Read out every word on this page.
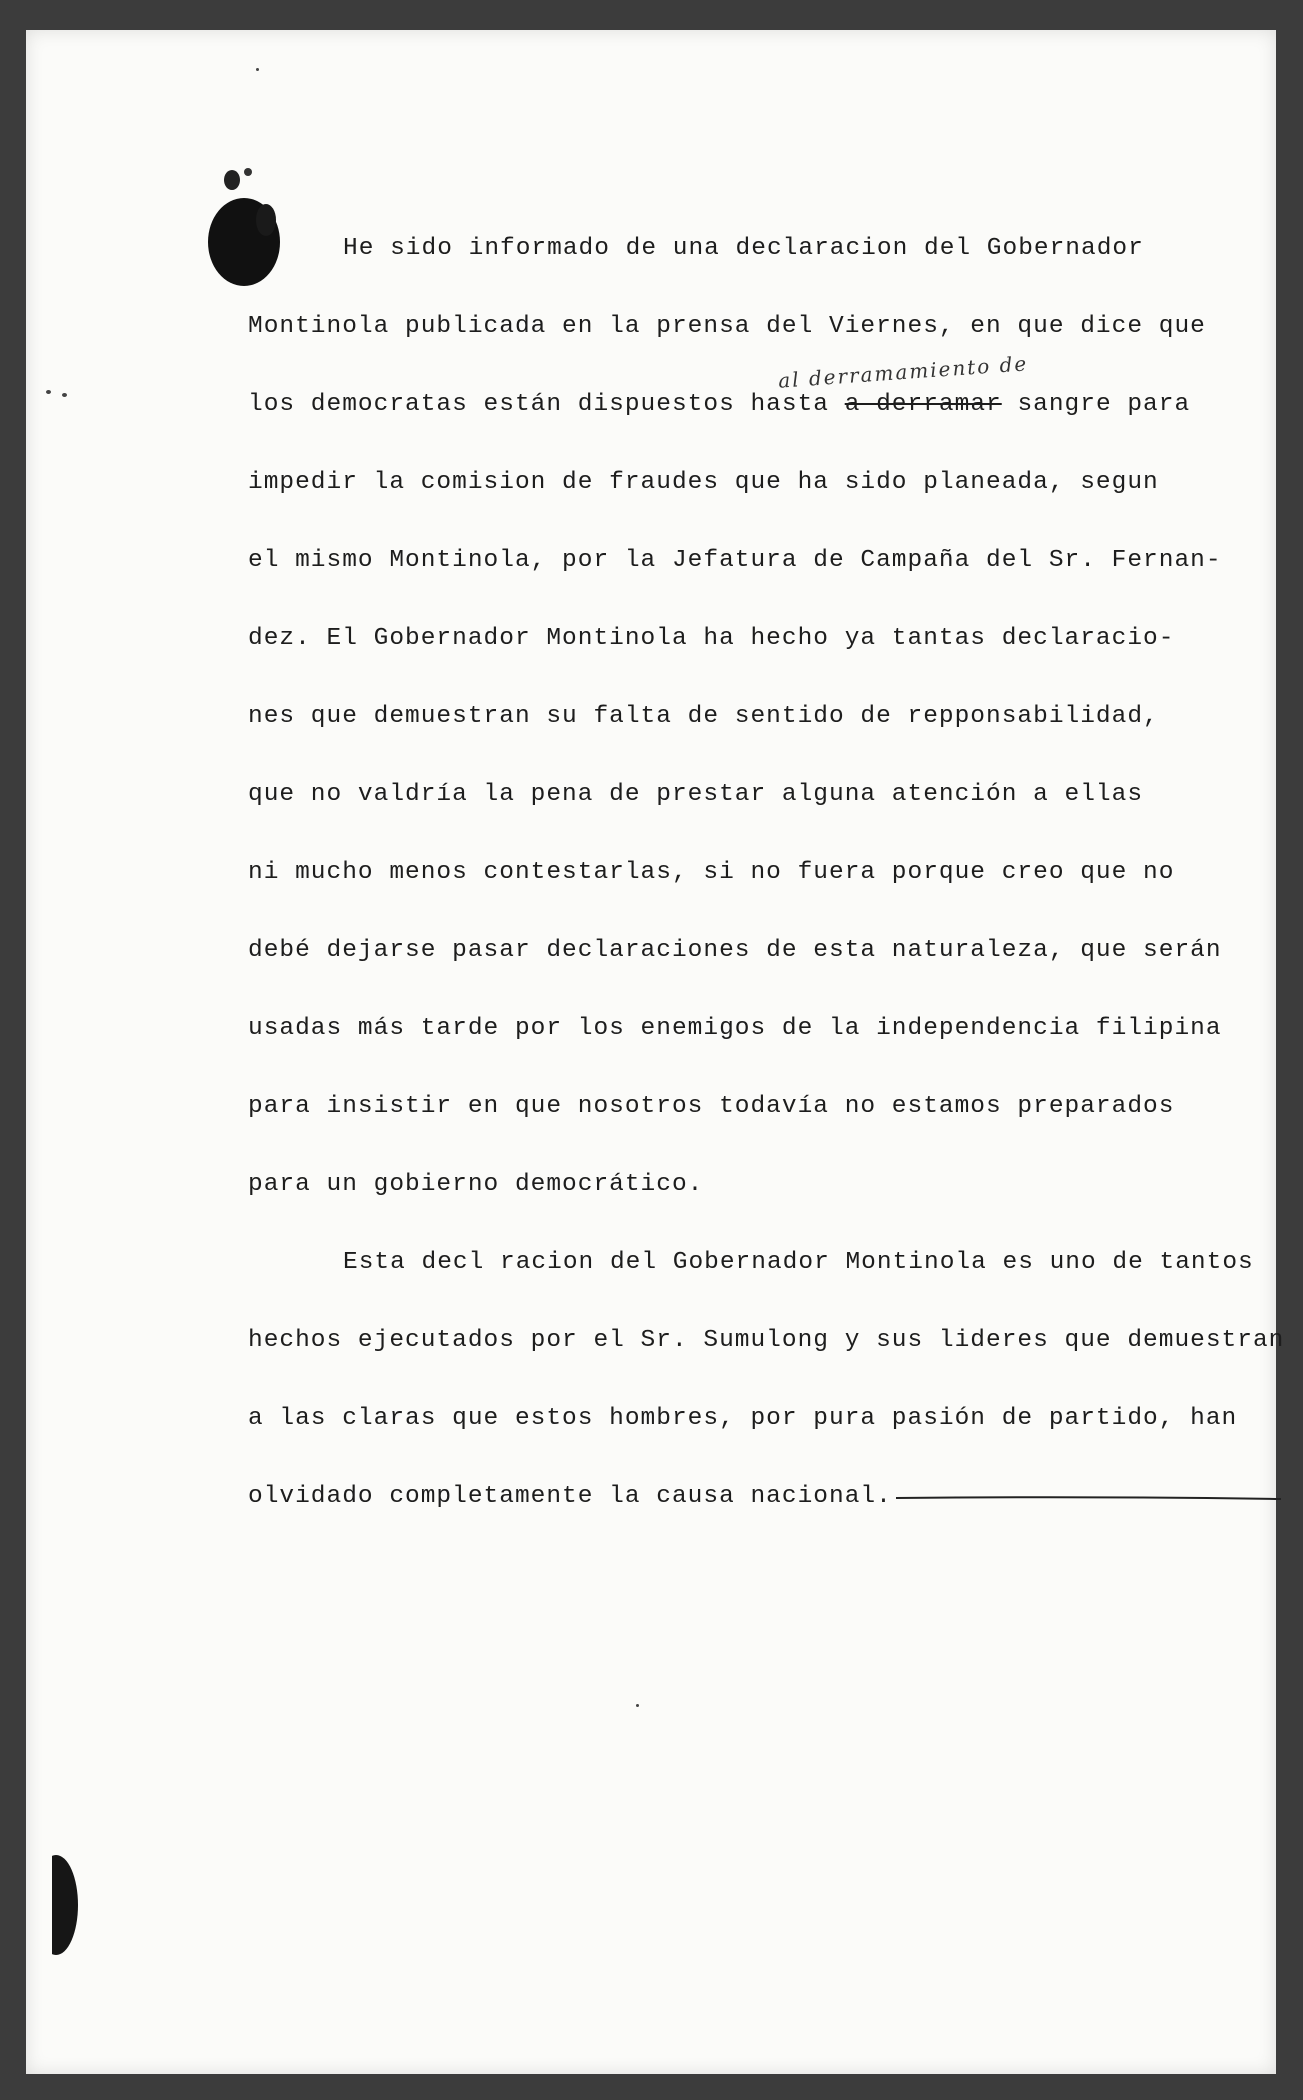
al derramamiento de
He sido informado de una declaracion del Gobernador
Montinola publicada en la prensa del Viernes, en que dice que
los democratas están dispuestos hasta a derramar sangre para
impedir la comision de fraudes que ha sido planeada, segun
el mismo Montinola, por la Jefatura de Campaña del Sr. Fernan-
dez. El Gobernador Montinola ha hecho ya tantas declaracio-
nes que demuestran su falta de sentido de repponsabilidad,
que no valdría la pena de prestar alguna atención a ellas
ni mucho menos contestarlas, si no fuera porque creo que no
debé dejarse pasar declaraciones de esta naturaleza, que serán
usadas más tarde por los enemigos de la independencia filipina
para insistir en que nosotros todavía no estamos preparados
para un gobierno democrático.
Esta decl racion del Gobernador Montinola es uno de tantos
hechos ejecutados por el Sr. Sumulong y sus lideres que demuestran
a las claras que estos hombres, por pura pasión de partido, han
olvidado completamente la causa nacional.
